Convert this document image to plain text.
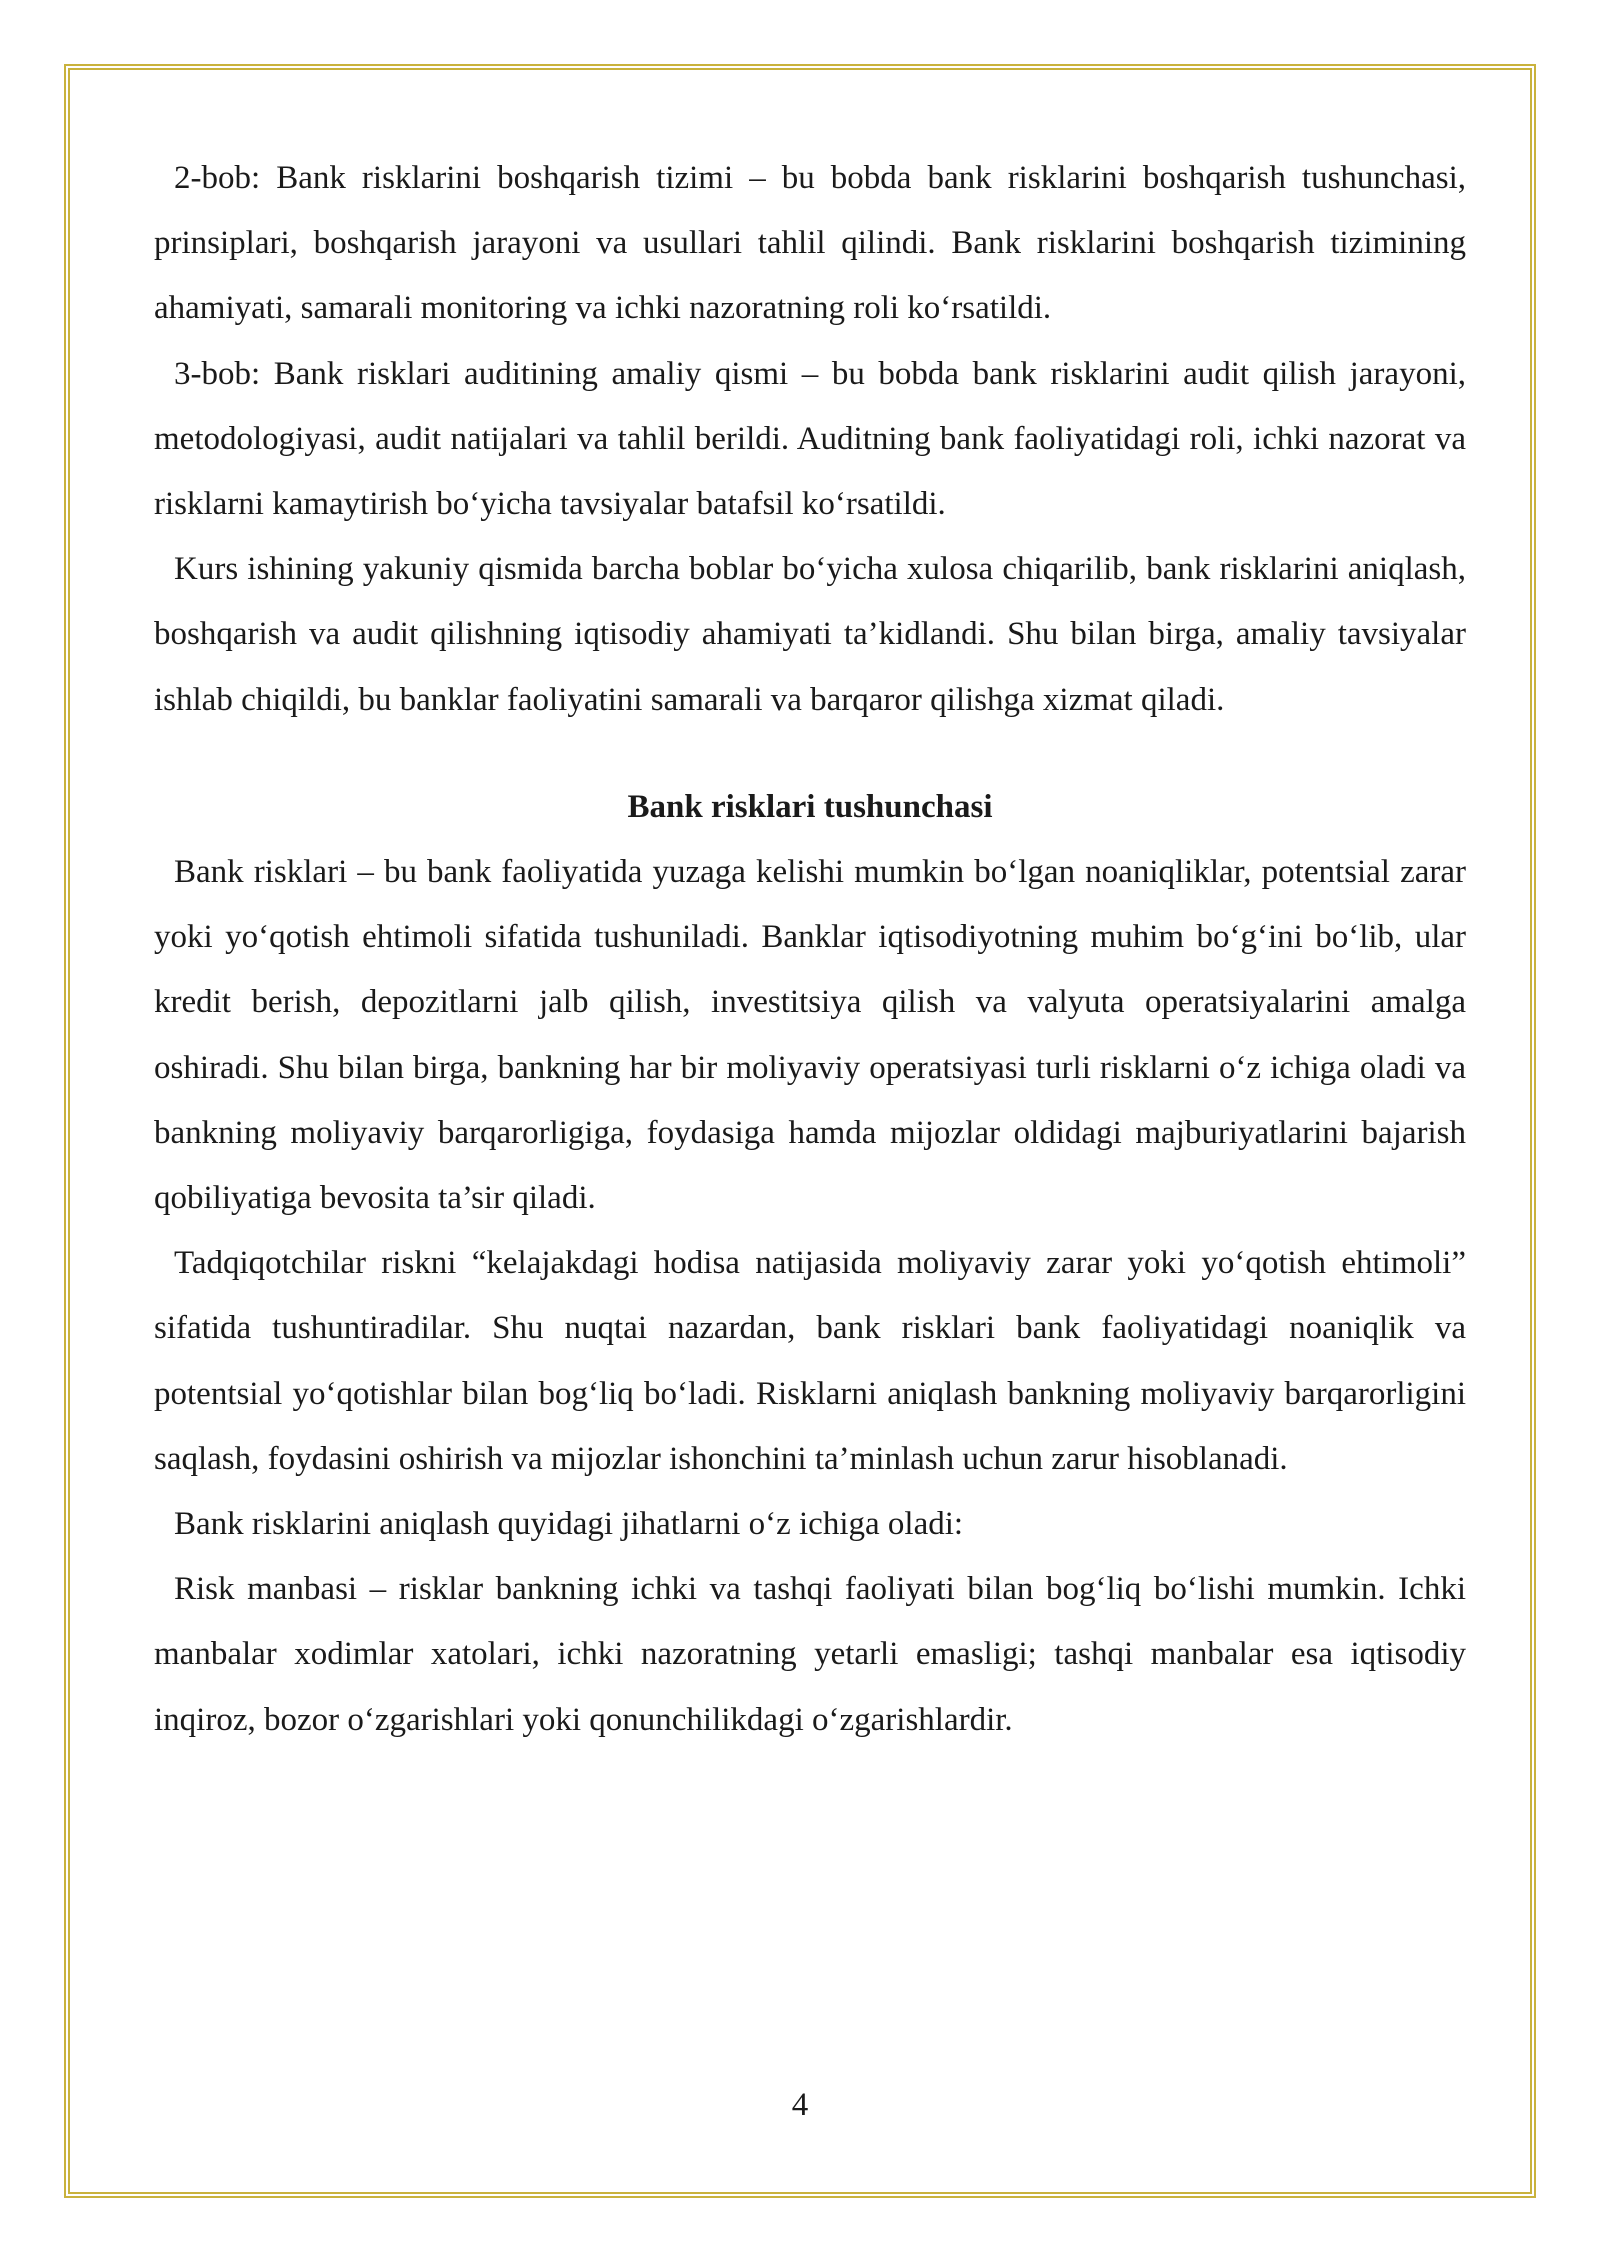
2-bob: Bank risklarini boshqarish tizimi – bu bobda bank risklarini boshqarish tushunchasi, prinsiplari, boshqarish jarayoni va usullari tahlil qilindi. Bank risklarini boshqarish tizimining ahamiyati, samarali monitoring va ichki nazoratning roli ko‘rsatildi.

3-bob: Bank risklari auditining amaliy qismi – bu bobda bank risklarini audit qilish jarayoni, metodologiyasi, audit natijalari va tahlil berildi. Auditning bank faoliyatidagi roli, ichki nazorat va risklarni kamaytirish bo‘yicha tavsiyalar batafsil ko‘rsatildi.

Kurs ishining yakuniy qismida barcha boblar bo‘yicha xulosa chiqarilib, bank risklarini aniqlash, boshqarish va audit qilishning iqtisodiy ahamiyati ta’kidlandi. Shu bilan birga, amaliy tavsiyalar ishlab chiqildi, bu banklar faoliyatini samarali va barqaror qilishga xizmat qiladi.

Bank risklari tushunchasi

Bank risklari – bu bank faoliyatida yuzaga kelishi mumkin bo‘lgan noaniqliklar, potentsial zarar yoki yo‘qotish ehtimoli sifatida tushuniladi. Banklar iqtisodiyotning muhim bo‘g‘ini bo‘lib, ular kredit berish, depozitlarni jalb qilish, investitsiya qilish va valyuta operatsiyalarini amalga oshiradi. Shu bilan birga, bankning har bir moliyaviy operatsiyasi turli risklarni o‘z ichiga oladi va bankning moliyaviy barqarorligiga, foydasiga hamda mijozlar oldidagi majburiyatlarini bajarish qobiliyatiga bevosita ta’sir qiladi.

Tadqiqotchilar riskni “kelajakdagi hodisa natijasida moliyaviy zarar yoki yo‘qotish ehtimoli” sifatida tushuntiradilar. Shu nuqtai nazardan, bank risklari bank faoliyatidagi noaniqlik va potentsial yo‘qotishlar bilan bog‘liq bo‘ladi. Risklarni aniqlash bankning moliyaviy barqarorligini saqlash, foydasini oshirish va mijozlar ishonchini ta’minlash uchun zarur hisoblanadi.

Bank risklarini aniqlash quyidagi jihatlarni o‘z ichiga oladi:

Risk manbasi – risklar bankning ichki va tashqi faoliyati bilan bog‘liq bo‘lishi mumkin. Ichki manbalar xodimlar xatolari, ichki nazoratning yetarli emasligi; tashqi manbalar esa iqtisodiy inqiroz, bozor o‘zgarishlari yoki qonunchilikdagi o‘zgarishlardir.

4
